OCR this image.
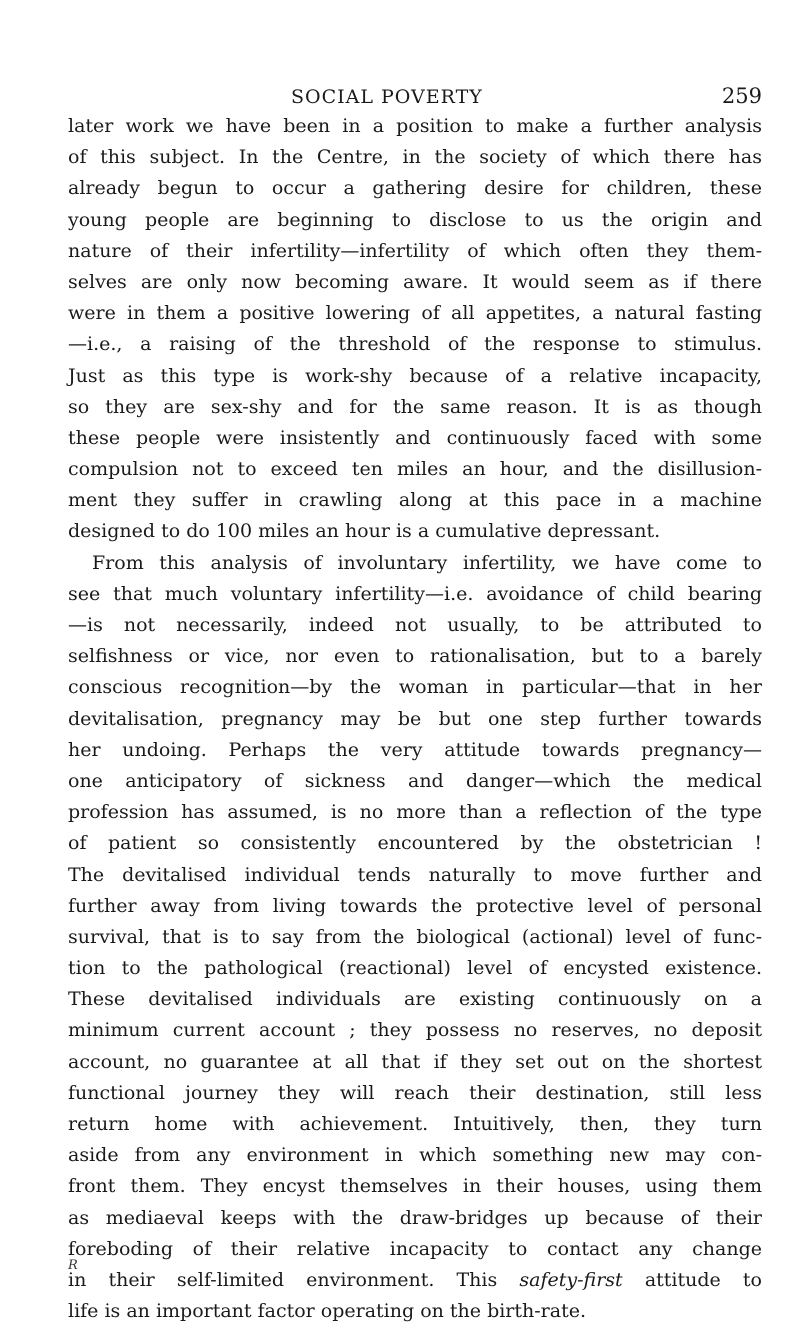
SOCIAL POVERTY	259
later work we have been in a position to make a further analysis
of this subject. In the Centre, in the society of which there has
already begun to occur a gathering desire for children, these
young people are beginning to disclose to us the origin and
nature of their infertility—infertility of which often they them-
selves are only now becoming aware. It would seem as if there
were in them a positive lowering of all appetites, a natural fasting
—i.e., a raising of the threshold of the response to stimulus.
Just as this type is work-shy because of a relative incapacity,
so they are sex-shy and for the same reason. It is as though
these people were insistently and continuously faced with some
compulsion not to exceed ten miles an hour, and the disillusion-
ment they suffer in crawling along at this pace in a machine
designed to do 100 miles an hour is a cumulative depressant.
From this analysis of involuntary infertility, we have come to
see that much voluntary infertility—i.e. avoidance of child bearing
—is not necessarily, indeed not usually, to be attributed to
selfishness or vice, nor even to rationalisation, but to a barely
conscious recognition—by the woman in particular—that in her
devitalisation, pregnancy may be but one step further towards
her undoing. Perhaps the very attitude towards pregnancy—
one anticipatory of sickness and danger—which the medical
profession has assumed, is no more than a reflection of the type
of patient so consistently encountered by the obstetrician !
The devitalised individual tends naturally to move further and
further away from living towards the protective level of personal
survival, that is to say from the biological (actional) level of func-
tion to the pathological (reactional) level of encysted existence.
These devitalised individuals are existing continuously on a
minimum current account ; they possess no reserves, no deposit
account, no guarantee at all that if they set out on the shortest
functional journey they will reach their destination, still less
return home with achievement. Intuitively, then, they turn
aside from any environment in which something new may con-
front them. They encyst themselves in their houses, using them
as mediaeval keeps with the draw-bridges up because of their
foreboding of their relative incapacity to contact any change
in their self-limited environment. This safety-first attitude to
life is an important factor operating on the birth-rate.
R
